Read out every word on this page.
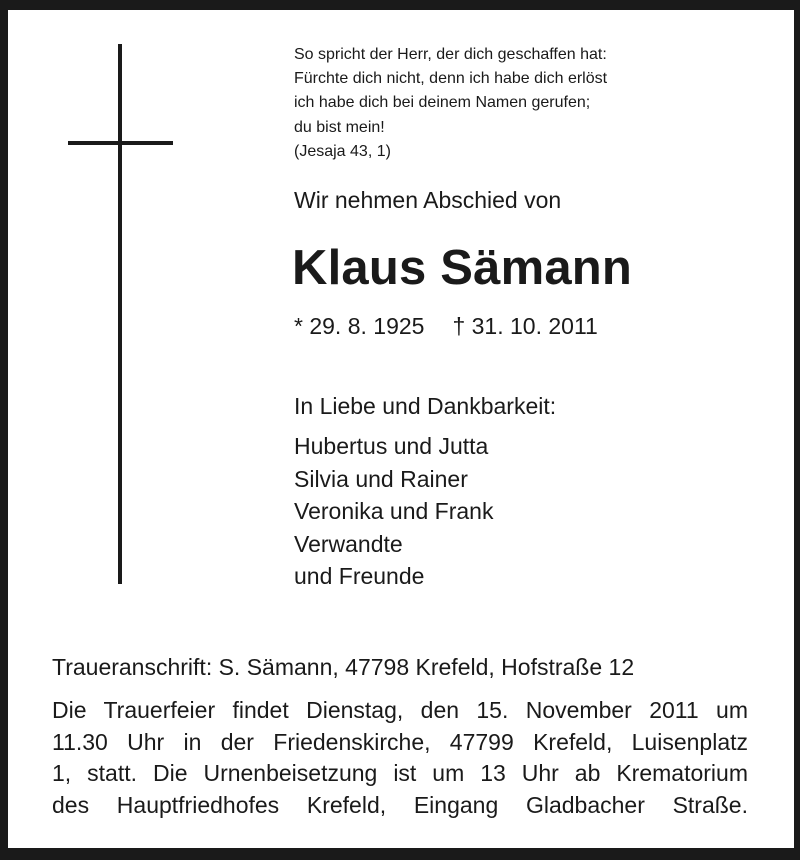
So spricht der Herr, der dich geschaffen hat:
Fürchte dich nicht, denn ich habe dich erlöst
ich habe dich bei deinem Namen gerufen;
du bist mein!
(Jesaja 43, 1)
Wir nehmen Abschied von
Klaus Sämann
* 29. 8. 1925 † 31. 10. 2011
In Liebe und Dankbarkeit:
Hubertus und Jutta
Silvia und Rainer
Veronika und Frank
Verwandte
und Freunde
Traueranschrift: S. Sämann, 47798 Krefeld, Hofstraße 12
Die Trauerfeier findet Dienstag, den 15. November 2011 um
11.30 Uhr in der Friedenskirche, 47799 Krefeld, Luisenplatz
1, statt. Die Urnenbeisetzung ist um 13 Uhr ab Krematorium
des Hauptfriedhofes Krefeld, Eingang Gladbacher Straße.
